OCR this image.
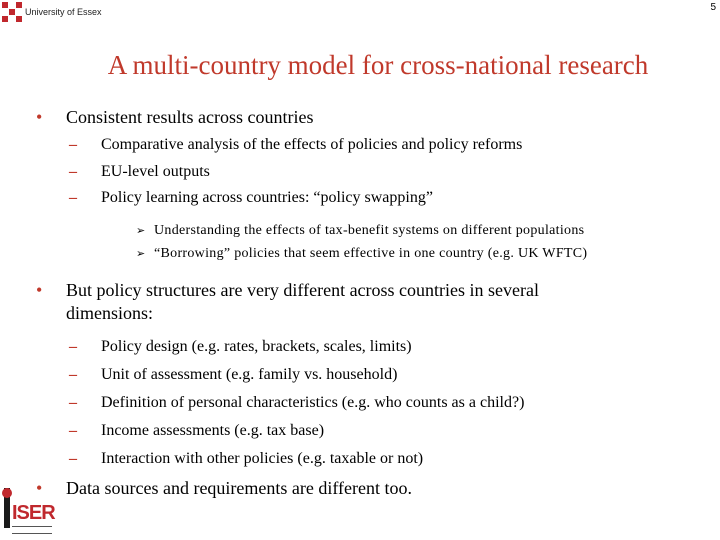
University of Essex	5
A multi-country model for cross-national research
•	Consistent results across countries
–	Comparative analysis of the effects of policies and policy reforms
–	EU-level outputs
–	Policy learning across countries: “policy swapping”
➢ Understanding the effects of tax-benefit systems on different populations
➢ “Borrowing” policies that seem effective in one country (e.g. UK WFTC)
•	But policy structures are very different across countries in several dimensions:
–	Policy design (e.g. rates, brackets, scales, limits)
–	Unit of assessment (e.g. family vs. household)
–	Definition of personal characteristics (e.g. who counts as a child?)
–	Income assessments (e.g. tax base)
–	Interaction with other policies (e.g. taxable or not)
•	Data sources and requirements are different too.
ISER
